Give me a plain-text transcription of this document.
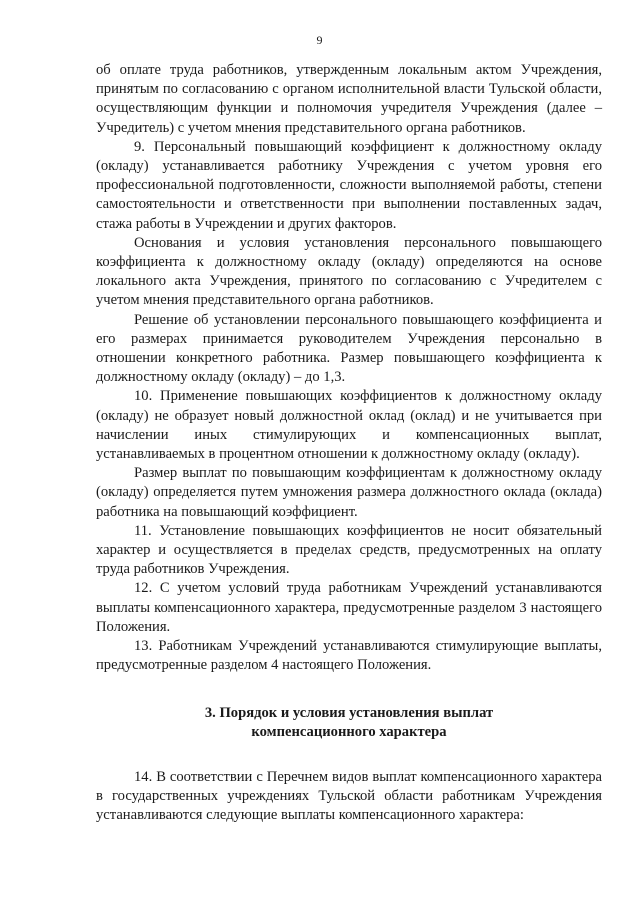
9

об оплате труда работников, утвержденным локальным актом Учреждения, принятым по согласованию с органом исполнительной власти Тульской области, осуществляющим функции и полномочия учредителя Учреждения (далее – Учредитель) с учетом мнения представительного органа работников.

9. Персональный повышающий коэффициент к должностному окладу (окладу) устанавливается работнику Учреждения с учетом уровня его профессиональной подготовленности, сложности выполняемой работы, степени самостоятельности и ответственности при выполнении поставленных задач, стажа работы в Учреждении и других факторов.

Основания и условия установления персонального повышающего коэффициента к должностному окладу (окладу) определяются на основе локального акта Учреждения, принятого по согласованию с Учредителем с учетом мнения представительного органа работников.

Решение об установлении персонального повышающего коэффициента и его размерах принимается руководителем Учреждения персонально в отношении конкретного работника. Размер повышающего коэффициента к должностному окладу (окладу) – до 1,3.

10. Применение повышающих коэффициентов к должностному окладу (окладу) не образует новый должностной оклад (оклад) и не учитывается при начислении иных стимулирующих и компенсационных выплат, устанавливаемых в процентном отношении к должностному окладу (окладу).

Размер выплат по повышающим коэффициентам к должностному окладу (окладу) определяется путем умножения размера должностного оклада (оклада) работника на повышающий коэффициент.

11. Установление повышающих коэффициентов не носит обязательный характер и осуществляется в пределах средств, предусмотренных на оплату труда работников Учреждения.

12. С учетом условий труда работникам Учреждений устанавливаются выплаты компенсационного характера, предусмотренные разделом 3 настоящего Положения.

13. Работникам Учреждений устанавливаются стимулирующие выплаты, предусмотренные разделом 4 настоящего Положения.

3. Порядок и условия установления выплат
компенсационного характера

14. В соответствии с Перечнем видов выплат компенсационного характера в государственных учреждениях Тульской области работникам Учреждения устанавливаются следующие выплаты компенсационного характера:
